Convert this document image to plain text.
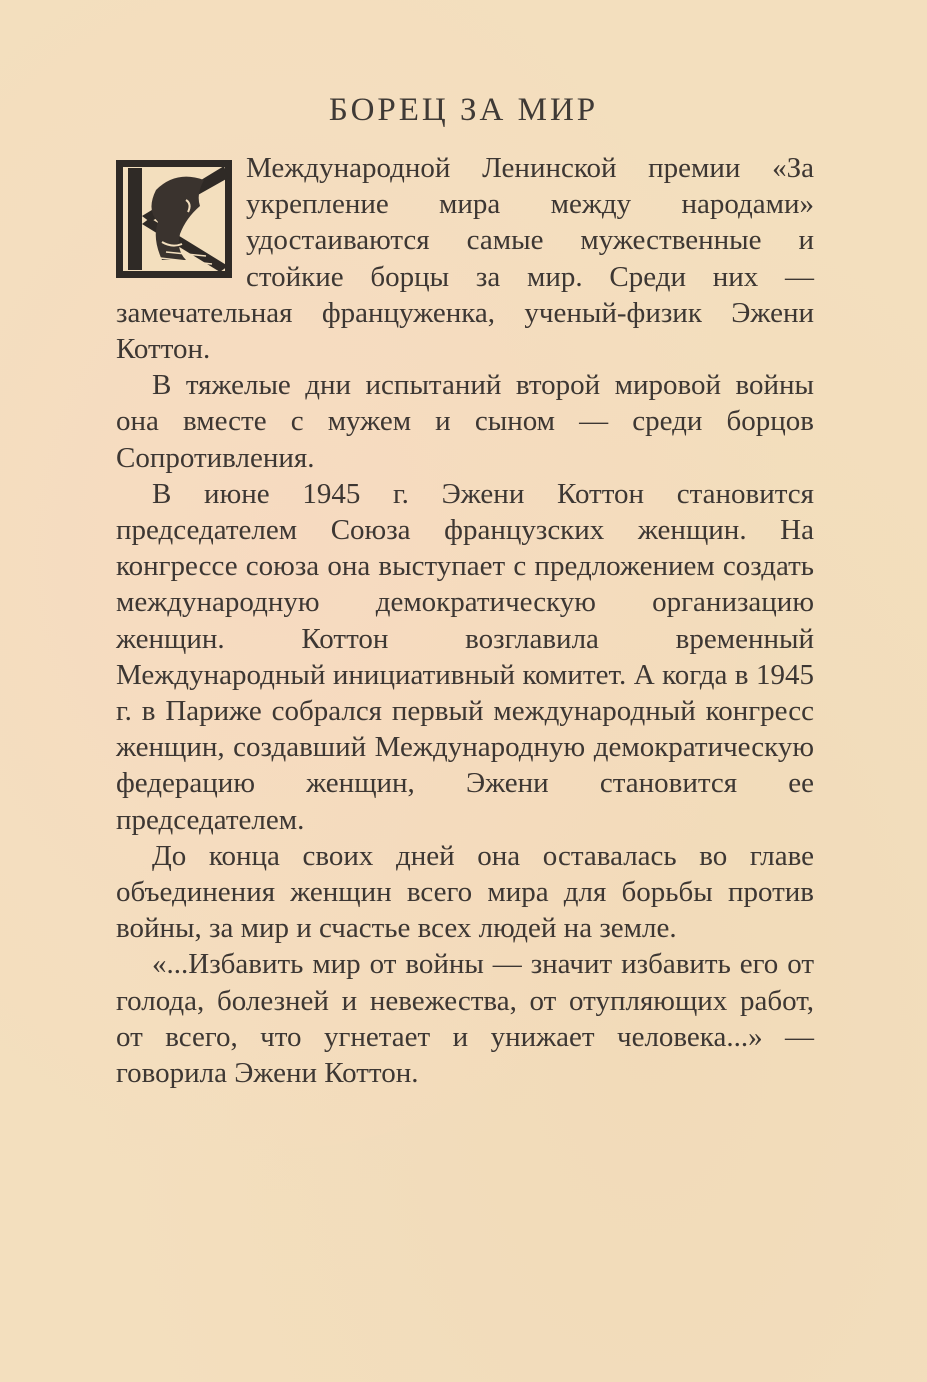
БОРЕЦ ЗА МИР

Международной Ленинской премии «За укрепление мира между народами» удостаиваются самые мужественные и стойкие борцы за мир. Среди них — замечательная француженка, ученый-физик Эжени Коттон.

В тяжелые дни испытаний второй мировой войны она вместе с мужем и сыном — среди борцов Сопротивления.

В июне 1945 г. Эжени Коттон становится председателем Союза французских женщин. На конгрессе союза она выступает с предложением создать международную демократическую организацию женщин. Коттон возглавила временный Международный инициативный комитет. А когда в 1945 г. в Париже собрался первый международный конгресс женщин, создавший Международную демократическую федерацию женщин, Эжени становится ее председателем.

До конца своих дней она оставалась во главе объединения женщин всего мира для борьбы против войны, за мир и счастье всех людей на земле.

«...Избавить мир от войны — значит избавить его от голода, болезней и невежества, от отупляющих работ, от всего, что угнетает и унижает человека...» — говорила Эжени Коттон.
